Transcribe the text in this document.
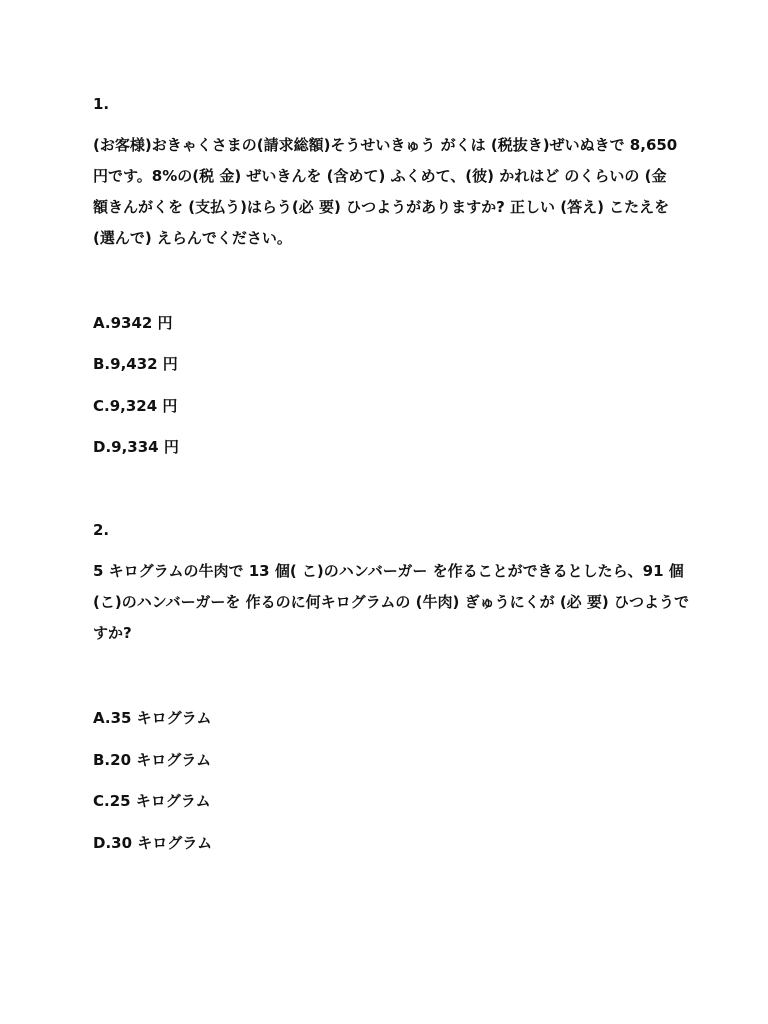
1.
(お客様)おきゃくさまの(請求総額)そうせいきゅう がくは (税抜き)ぜいぬきで 8,650
円です。8%の(税 金) ぜいきんを (含めて) ふくめて、(彼) かれはど のくらいの (金
額きんがくを (支払う)はらう(必 要) ひつようがありますか? 正しい (答え) こたえを
(選んで) えらんでください。
A.9342 円
B.9,432 円
C.9,324 円
D.9,334 円
2.
5 キログラムの牛肉で 13 個( こ)のハンバーガー を作ることができるとしたら、91 個
(こ)のハンバーガーを 作るのに何キログラムの (牛肉) ぎゅうにくが (必 要) ひつようで
すか?
A.35 キログラム
B.20 キログラム
C.25 キログラム
D.30 キログラム
